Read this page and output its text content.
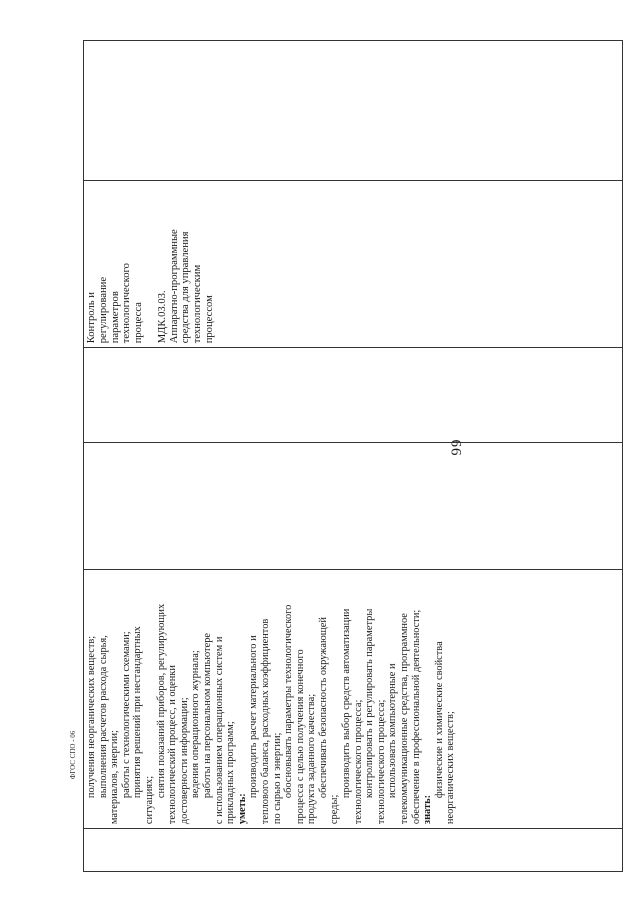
66
ФГОС СПО - 06 получения неорганических веществ; выполнения расчетов расхода сырья, материалов, энергии; работы с технологическими схемами; принятия решений при нестандартных
ситуациях;
снятия показаний приборов, регулирующих технологический процесс, и оценки достоверности информации; ведения операционного журнала; работы на персональном компьютере с использованием операционных систем и прикладных программ; уметь:
производить расчет материального и теплового баланса, расходных коэффициентов по сырью и энергии; обосновывать параметры технологического процесса с целью получения конечного продукта заданного качества; обеспечивать безопасность окружающей
среды;
производить выбор средств автоматизации технологического процесса; контролировать и регулировать параметры технологического процесса; использовать компьютерные и телекоммуникационные средства, программное обеспечение в профессиональной деятельности; знать:
физические и химические свойства неорганических веществ;
Контроль и регулирование параметров технологического процесса МДК.03.03. Аппаратно-программные средства для управления технологическим процессом
